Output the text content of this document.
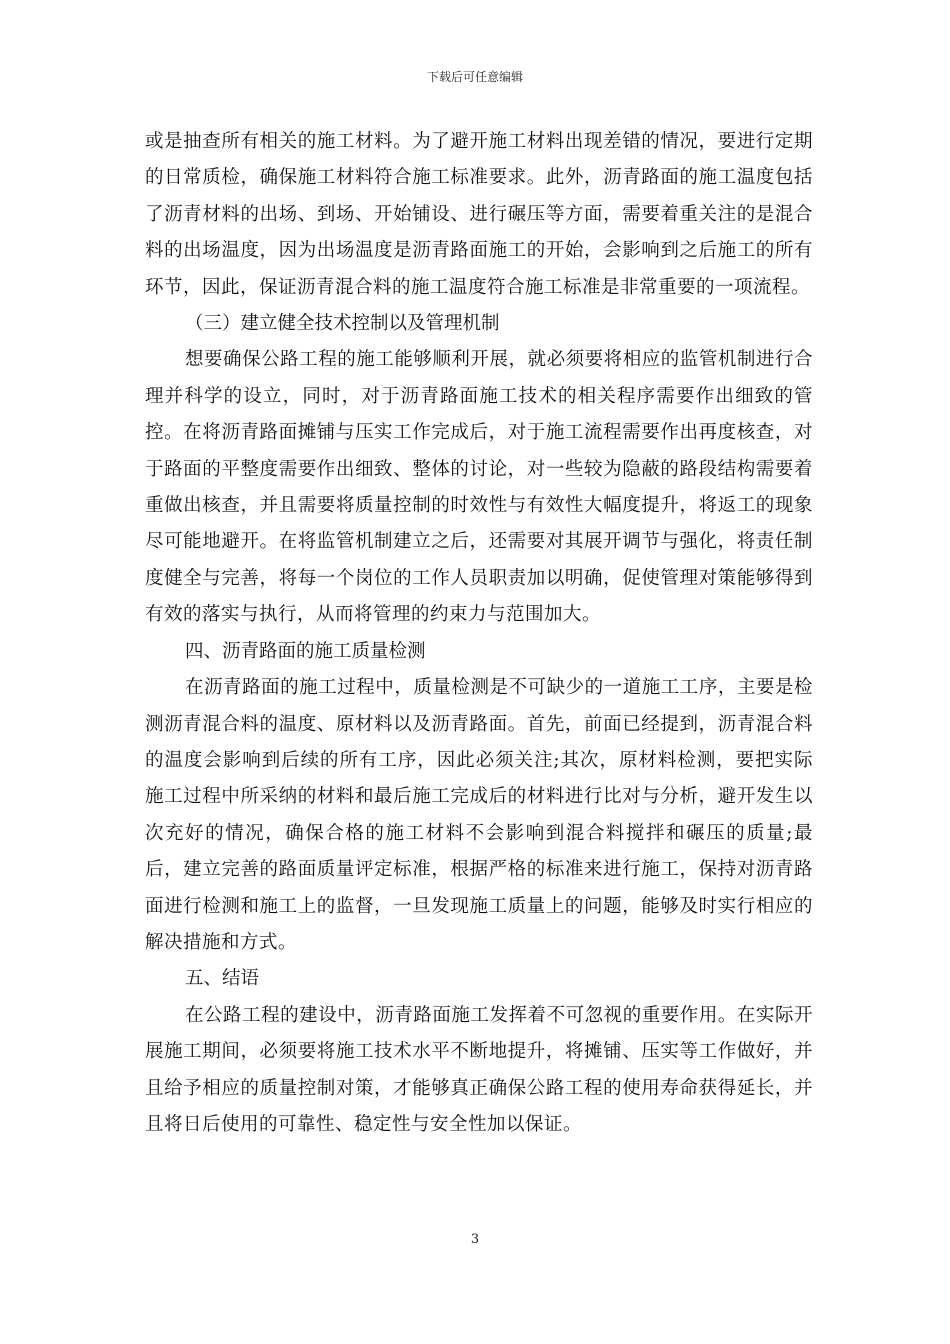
下载后可任意编辑

或是抽查所有相关的施工材料。为了避开施工材料出现差错的情况，要进行定期的日常质检，确保施工材料符合施工标准要求。此外，沥青路面的施工温度包括了沥青材料的出场、到场、开始铺设、进行碾压等方面，需要着重关注的是混合料的出场温度，因为出场温度是沥青路面施工的开始，会影响到之后施工的所有环节，因此，保证沥青混合料的施工温度符合施工标准是非常重要的一项流程。

（三）建立健全技术控制以及管理机制

想要确保公路工程的施工能够顺利开展，就必须要将相应的监管机制进行合理并科学的设立，同时，对于沥青路面施工技术的相关程序需要作出细致的管控。在将沥青路面摊铺与压实工作完成后，对于施工流程需要作出再度核查，对于路面的平整度需要作出细致、整体的讨论，对一些较为隐蔽的路段结构需要着重做出核查，并且需要将质量控制的时效性与有效性大幅度提升，将返工的现象尽可能地避开。在将监管机制建立之后，还需要对其展开调节与强化，将责任制度健全与完善，将每一个岗位的工作人员职责加以明确，促使管理对策能够得到有效的落实与执行，从而将管理的约束力与范围加大。

四、沥青路面的施工质量检测

在沥青路面的施工过程中，质量检测是不可缺少的一道施工工序，主要是检测沥青混合料的温度、原材料以及沥青路面。首先，前面已经提到，沥青混合料的温度会影响到后续的所有工序，因此必须关注;其次，原材料检测，要把实际施工过程中所采纳的材料和最后施工完成后的材料进行比对与分析，避开发生以次充好的情况，确保合格的施工材料不会影响到混合料搅拌和碾压的质量;最后，建立完善的路面质量评定标准，根据严格的标准来进行施工，保持对沥青路面进行检测和施工上的监督，一旦发现施工质量上的问题，能够及时实行相应的解决措施和方式。

五、结语

在公路工程的建设中，沥青路面施工发挥着不可忽视的重要作用。在实际开展施工期间，必须要将施工技术水平不断地提升，将摊铺、压实等工作做好，并且给予相应的质量控制对策，才能够真正确保公路工程的使用寿命获得延长，并且将日后使用的可靠性、稳定性与安全性加以保证。

3
